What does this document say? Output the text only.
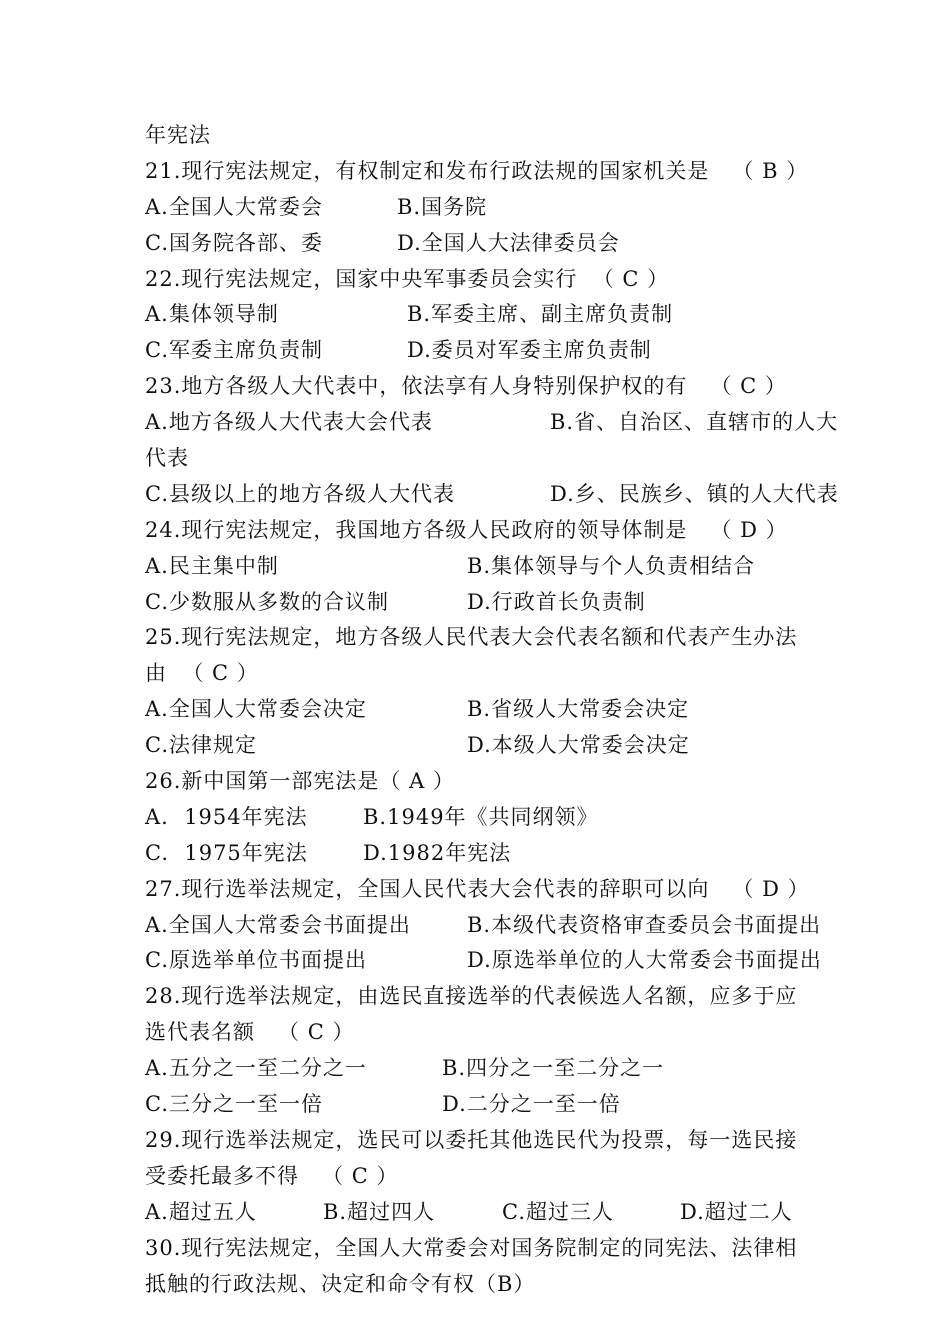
年宪法
21.现行宪法规定，有权制定和发布行政法规的国家机关是   （ B ）
A.全国人大常委会	B.国务院
C.国务院各部、委	D.全国人大法律委员会
22.现行宪法规定，国家中央军事委员会实行  （ C ）
A.集体领导制	B.军委主席、副主席负责制
C.军委主席负责制	D.委员对军委主席负责制
23.地方各级人大代表中，依法享有人身特别保护权的有   （ C ）
A.地方各级人大代表大会代表	B.省、自治区、直辖市的人大
代表
C.县级以上的地方各级人大代表	D.乡、民族乡、镇的人大代表
24.现行宪法规定，我国地方各级人民政府的领导体制是   （ D ）
A.民主集中制	B.集体领导与个人负责相结合
C.少数服从多数的合议制	D.行政首长负责制
25.现行宪法规定，地方各级人民代表大会代表名额和代表产生办法
由  （ C ）
A.全国人大常委会决定	B.省级人大常委会决定
C.法律规定	D.本级人大常委会决定
26.新中国第一部宪法是（ A ）
A.  1954年宪法	B.1949年《共同纲领》
C.  1975年宪法	D.1982年宪法
27.现行选举法规定，全国人民代表大会代表的辞职可以向   （ D ）
A.全国人大常委会书面提出	B.本级代表资格审查委员会书面提出
C.原选举单位书面提出	D.原选举单位的人大常委会书面提出
28.现行选举法规定，由选民直接选举的代表候选人名额，应多于应
选代表名额   （ C ）
A.五分之一至二分之一	B.四分之一至二分之一
C.三分之一至一倍	D.二分之一至一倍
29.现行选举法规定，选民可以委托其他选民代为投票，每一选民接
受委托最多不得   （ C ）
A.超过五人	B.超过四人	C.超过三人	D.超过二人
30.现行宪法规定，全国人大常委会对国务院制定的同宪法、法律相
抵触的行政法规、决定和命令有权（B）
